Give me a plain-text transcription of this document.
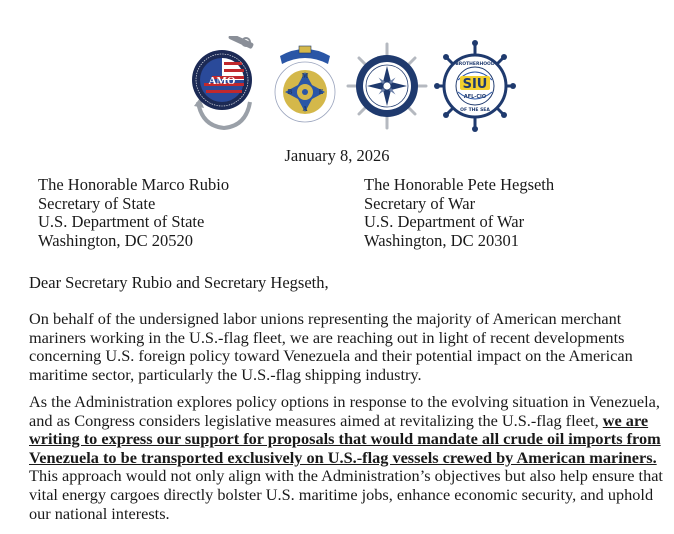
AMO	M
E
B
A
SIU
AFL-CIO
BROTHERHOOD
OF THE SEA
January 8, 2026
The Honorable Marco Rubio
Secretary of State
U.S. Department of State
Washington, DC 20520
The Honorable Pete Hegseth
Secretary of War
U.S. Department of War
Washington, DC 20301
Dear Secretary Rubio and Secretary Hegseth,
On behalf of the undersigned labor unions representing the majority of American merchant
mariners working in the U.S.-flag fleet, we are reaching out in light of recent developments
concerning U.S. foreign policy toward Venezuela and their potential impact on the American
maritime sector, particularly the U.S.-flag shipping industry.
As the Administration explores policy options in response to the evolving situation in Venezuela,
and as Congress considers legislative measures aimed at revitalizing the U.S.-flag fleet, we are
writing to express our support for proposals that would mandate all crude oil imports from
Venezuela to be transported exclusively on U.S.-flag vessels crewed by American mariners.
This approach would not only align with the Administration’s objectives but also help ensure that
vital energy cargoes directly bolster U.S. maritime jobs, enhance economic security, and uphold
our national interests.
